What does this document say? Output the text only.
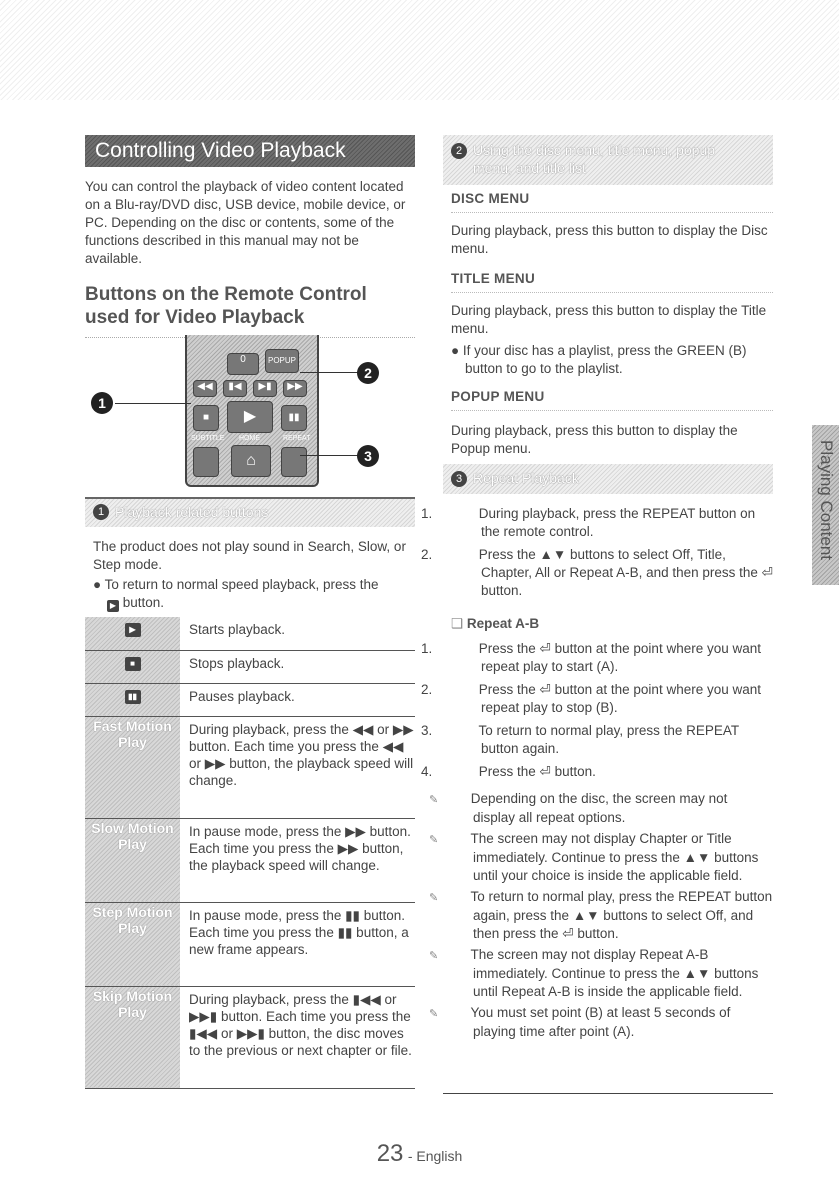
Controlling Video Playback
You can control the playback of video content located on a Blu-ray/DVD disc, USB device, mobile device, or PC. Depending on the disc or contents, some of the functions described in this manual may not be available.
Buttons on the Remote Control used for Video Playback
0	POPUP
◀◀	▮◀	▶▮	▶▶
■	▶	▮▮
SUBTITLE HOME	REPEAT
⌂
1
2
3
1 Playback related buttons
The product does not play sound in Search, Slow, or Step mode.
● To return to normal speed playback, press the
▶ button.
▶	Starts playback.
■	Stops playback.
▮▮	Pauses playback.
Fast Motion Play	During playback, press the ◀◀ or ▶▶ button. Each time you press the ◀◀ or ▶▶ button, the playback speed will change.
Slow Motion Play	In pause mode, press the ▶▶ button. Each time you press the ▶▶ button, the playback speed will change.
Step Motion Play	In pause mode, press the ▮▮ button. Each time you press the ▮▮ button, a new frame appears.
Skip Motion Play	During playback, press the ▮◀◀ or ▶▶▮ button. Each time you press the ▮◀◀ or ▶▶▮ button, the disc moves to the previous or next chapter or file.
2 Using the disc menu, title menu, popup menu, and title list
DISC MENU
During playback, press this button to display the Disc menu.
TITLE MENU
During playback, press this button to display the Title menu.
● If your disc has a playlist, press the GREEN (B) button to go to the playlist.
POPUP MENU
During playback, press this button to display the Popup menu.
3 Repeat Playback
1.	During playback, press the REPEAT button on the remote control.
2.	Press the ▲▼ buttons to select Off, Title, Chapter, All or Repeat A-B, and then press the ⏎ button.
❑ Repeat A-B
1.	Press the ⏎ button at the point where you want repeat play to start (A).
2.	Press the ⏎ button at the point where you want repeat play to stop (B).
3.	To return to normal play, press the REPEAT button again.
4.	Press the ⏎ button.
✎ Depending on the disc, the screen may not display all repeat options.
✎ The screen may not display Chapter or Title immediately. Continue to press the ▲▼ buttons until your choice is inside the applicable field.
✎ To return to normal play, press the REPEAT button again, press the ▲▼ buttons to select Off, and then press the ⏎ button.
✎ The screen may not display Repeat A-B immediately. Continue to press the ▲▼ buttons until Repeat A-B is inside the applicable field.
✎ You must set point (B) at least 5 seconds of playing time after point (A).
Playing Content
23 - English
